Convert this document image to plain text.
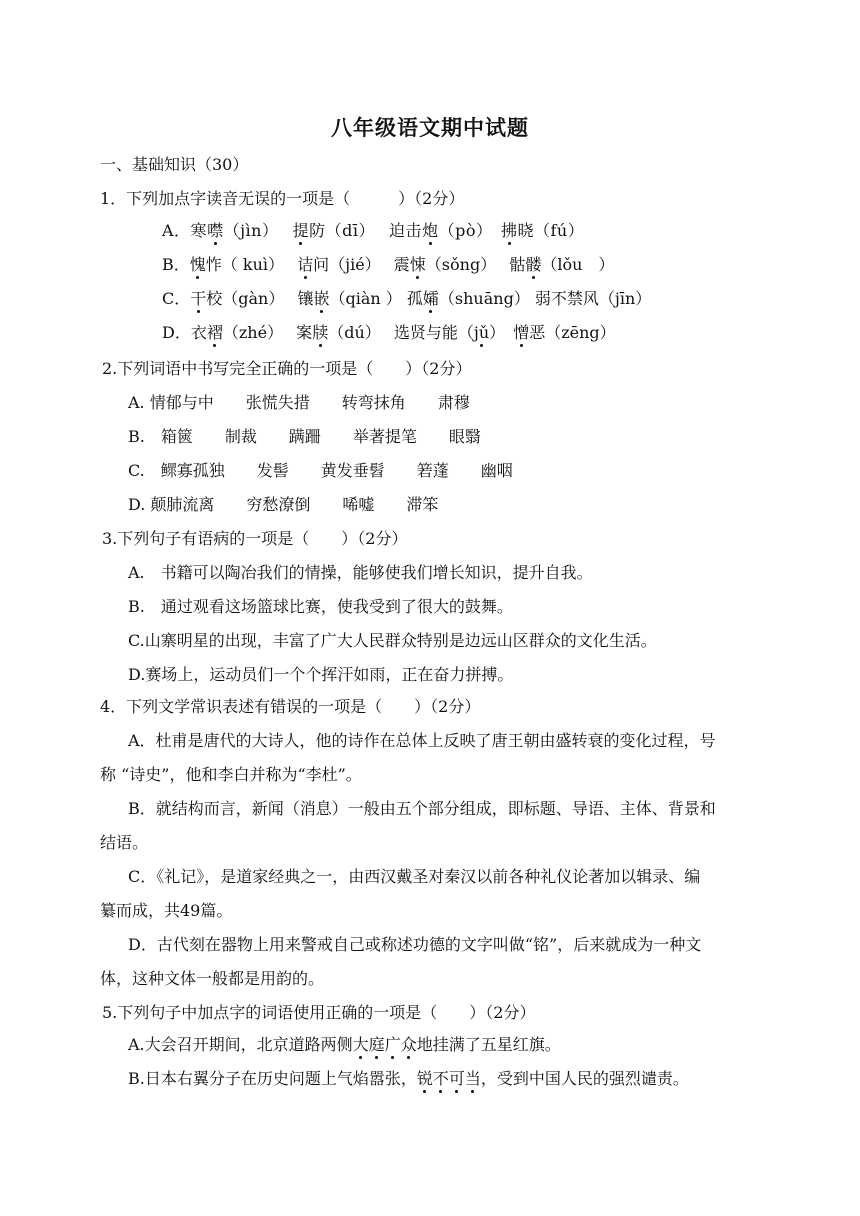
八年级语文期中试题
一、基础知识（30）
1．下列加点字读音无误的一项是（　　　）（2分）
A．寒噤（jìn）　 提防（dī）　 迫击炮（pò）　 拂晓（fú）
B．愧怍（ kuì）　 诘问（jié）　 震悚（sǒng）　 骷髅（lǒu　）
C．干校（gàn）　 镶嵌（qiàn ） 孤孀（shuāng） 弱不禁风（jīn）
D．衣褶（zhé）　 案牍（dú）　 选贤与能（jǔ）　 憎恶（zēng）
2.下列词语中书写完全正确的一项是（　　）（2分）
A. 情郁与中　　张慌失措　　转弯抹角　　肃穆
B.　箱篋　　制裁　　蹒跚　　举著提笔　　眼翳
C.　鳏寡孤独　　发髻　　黄发垂髫　　箬蓬　　幽咽
D. 颠肺流离　　穷愁潦倒　　唏嘘　　滞笨
3.下列句子有语病的一项是（　　）（2分）
A.　书籍可以陶冶我们的情操，能够使我们增长知识，提升自我。
B.　通过观看这场篮球比赛，使我受到了很大的鼓舞。
C.山寨明星的出现，丰富了广大人民群众特别是边远山区群众的文化生活。
D.赛场上，运动员们一个个挥汗如雨，正在奋力拼搏。
4．下列文学常识表述有错误的一项是（　　）（2分）
A．杜甫是唐代的大诗人，他的诗作在总体上反映了唐王朝由盛转衰的变化过程，号
称 “诗史”，他和李白并称为“李杜”。
B．就结构而言，新闻（消息）一般由五个部分组成，即标题、导语、主体、背景和
结语。
C．《礼记》，是道家经典之一，由西汉戴圣对秦汉以前各种礼仪论著加以辑录、编
纂而成，共49篇。
D．古代刻在器物上用来警戒自己或称述功德的文字叫做“铭”，后来就成为一种文
体，这种文体一般都是用韵的。
5.下列句子中加点字的词语使用正确的一项是（　　）（2分）
A.大会召开期间，北京道路两侧大庭广众地挂满了五星红旗。
B.日本右翼分子在历史问题上气焰嚣张，锐不可当，受到中国人民的强烈谴责。
